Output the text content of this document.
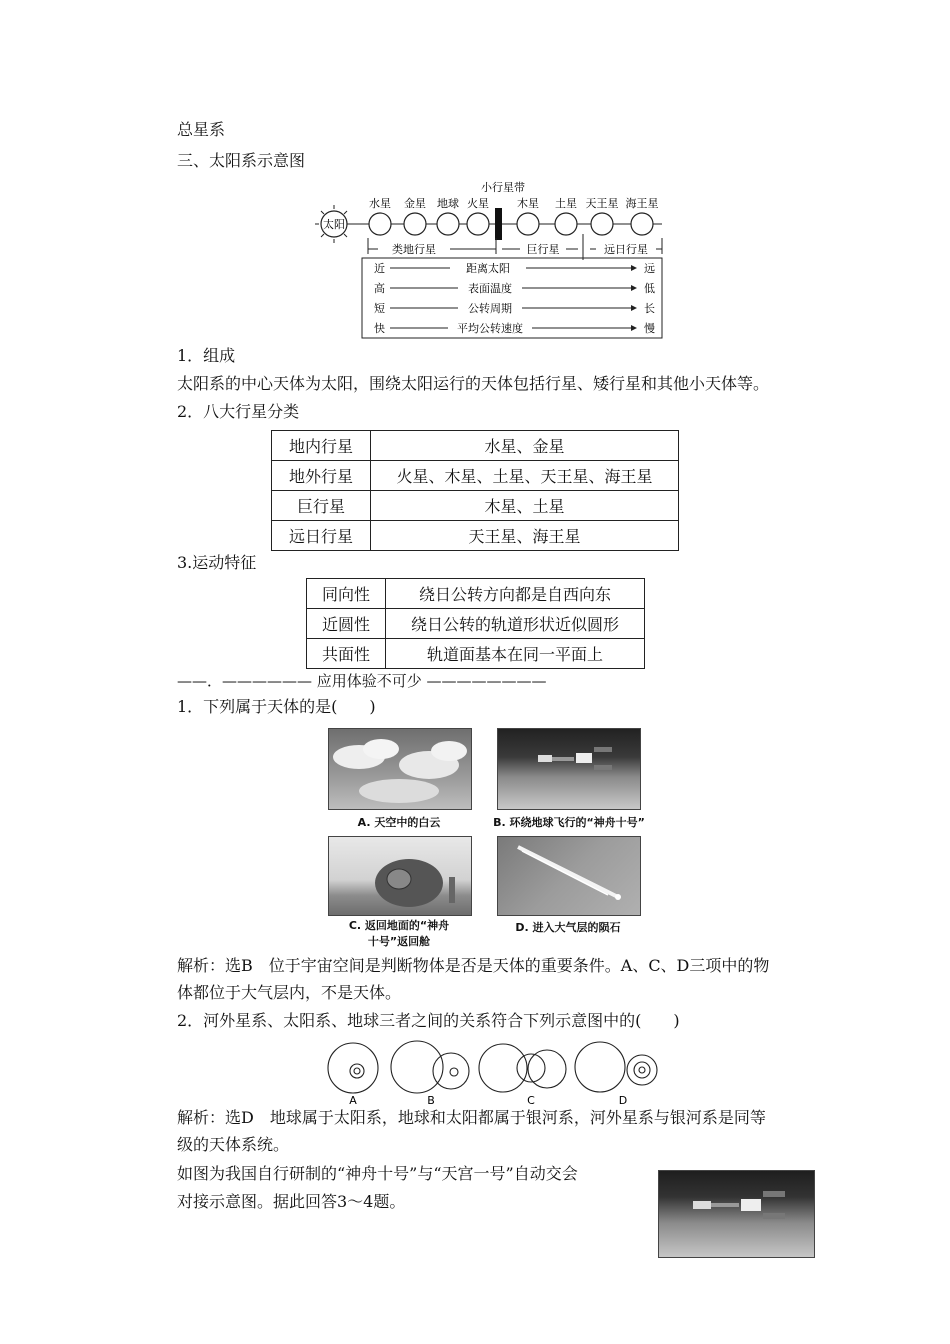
总星系
三、太阳系示意图
太阳
小行星带
水星 金星 地球 火星	木星 土星 天王星 海王星
类地行星	巨行星	远日行星
近	距离太阳	远
高	表面温度	低
短	公转周期	长
快	平均公转速度	慢
1．组成
太阳系的中心天体为太阳，围绕太阳运行的天体包括行星、矮行星和其他小天体等。
2．八大行星分类
地内行星	水星、金星
地外行星	火星、木星、土星、天王星、海王星
巨行星	木星、土星
远日行星	天王星、海王星
3.运动特征
同向性	绕日公转方向都是自西向东
近圆性	绕日公转的轨道形状近似圆形
共面性	轨道面基本在同一平面上
——．—————— 应用体验不可少 ————————
1．下列属于天体的是(　　)
A. 天空中的白云	B. 环绕地球飞行的“神舟十号”
C. 返回地面的“神舟
十号”返回舱
D. 进入大气层的陨石
解析：选B　位于宇宙空间是判断物体是否是天体的重要条件。A、C、D三项中的物
体都位于大气层内，不是天体。
2．河外星系、太阳系、地球三者之间的关系符合下列示意图中的(　　)
A	B	C	D
解析：选D　地球属于太阳系，地球和太阳都属于银河系，河外星系与银河系是同等
级的天体系统。
如图为我国自行研制的“神舟十号”与“天宫一号”自动交会
对接示意图。据此回答3～4题。
